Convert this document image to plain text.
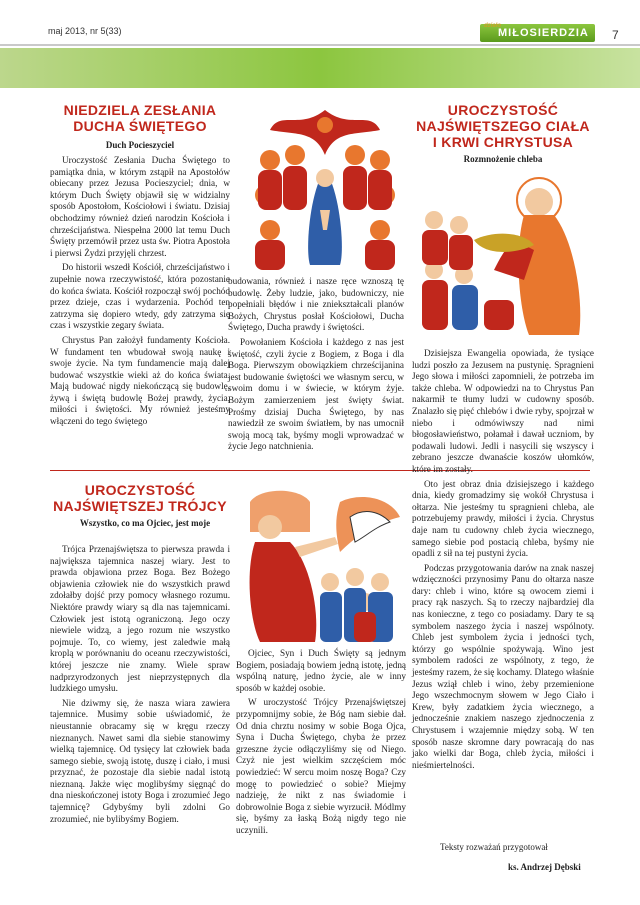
maj 2013, nr 5(33)	dzieło
MIŁOSIERDZIA	7
NIEDZIELA ZESŁANIA
DUCHA ŚWIĘTEGO
Duch Pocieszyciel

Uroczystość Zesłania Ducha Świętego to pamiątka dnia, w którym zstąpił na Apostołów obiecany przez Jezusa Pocieszyciel; dnia, w którym Duch Święty objawił się w widzialny sposób Apostołom, Kościołowi i światu. Dzisiaj obchodzimy również dzień narodzin Kościoła i chrześcijaństwa. Niespełna 2000 lat temu Duch Święty przemówił przez usta św. Piotra Apostoła i pierwsi Żydzi przyjęli chrzest.

Do historii wszedł Kościół, chrześcijaństwo i zupełnie nowa rzeczywistość, która pozostanie do końca świata. Kościół rozpoczął swój pochód przez dzieje, czas i wydarzenia. Pochód ten zatrzyma się dopiero wtedy, gdy zatrzyma się czas i wszystkie zegary świata.

Chrystus Pan założył fundamenty Kościoła. W fundament ten wbudował swoją naukę i swoje życie. Na tym fundamencie mają dalej budować wszystkie wieki aż do końca świata. Mają budować nigdy niekończącą się budowlę, żywą i świętą budowlę Bożej prawdy, życia, miłości i świętości. My również jesteśmy włączeni do tego świętego

budowania, również i nasze ręce wznoszą tę budowlę. Żeby ludzie, jako, budowniczy, nie popełniali błędów i nie zniekształcali planów Bożych, Chrystus posłał Kościołowi, Ducha Świętego, Ducha prawdy i świętości.

Powołaniem Kościoła i każdego z nas jest świętość, czyli życie z Bogiem, z Boga i dla Boga. Pierwszym obowiązkiem chrześcijanina jest budowanie świętości we własnym sercu, w swoim domu i w świecie, w którym żyje. Bożym zamierzeniem jest święty świat. Prośmy dzisiaj Ducha Świętego, by nas nawiedził ze swoim światłem, by nas umocnił swoją mocą tak, byśmy mogli wprowadzać w życie Jego natchnienia.

UROCZYSTOŚĆ
NAJŚWIĘTSZEJ TRÓJCY
Wszystko, co ma Ojciec, jest moje

Trójca Przenajświętsza to pierwsza prawda i największa tajemnica naszej wiary. Jest to prawda objawiona przez Boga. Bez Bożego objawienia człowiek nie do wszystkich prawd zdołałby dojść przy pomocy własnego rozumu. Niektóre prawdy wiary są dla nas tajemnicami. Człowiek jest istotą ograniczoną. Jego oczy niewiele widzą, a jego rozum nie wszystko pojmuje. To, co wiemy, jest zaledwie małą kroplą w porównaniu do oceanu rzeczywistości, której jeszcze nie znamy. Wiele spraw nadprzyrodzonych jest nieprzystępnych dla ludzkiego umysłu.

Nie dziwmy się, że nasza wiara zawiera tajemnice. Musimy sobie uświadomić, że nieustannie obracamy się w kręgu rzeczy nieznanych. Nawet sami dla siebie stanowimy wielką tajemnicę. Od tysięcy lat człowiek bada samego siebie, swoją istotę, duszę i ciało, i musi przyznać, że pozostaje dla siebie nadal istotą nieznaną. Jakże więc moglibyśmy sięgnąć do dna nieskończonej istoty Boga i zrozumieć Jego tajemnicę? Gdybyśmy byli zdolni Go zrozumieć, nie bylibyśmy Bogiem.

Ojciec, Syn i Duch Święty są jednym Bogiem, posiadają bowiem jedną istotę, jedną wspólną naturę, jedno życie, ale w inny sposób w każdej osobie.

W uroczystość Trójcy Przenajświętszej przypomnijmy sobie, że Bóg nam siebie dał. Od dnia chrztu nosimy w sobie Boga Ojca, Syna i Ducha Świętego, chyba że przez grzeszne życie odłączyliśmy się od Niego. Czyż nie jest wielkim szczęściem móc powiedzieć: W sercu moim noszę Boga? Czy mogę to powiedzieć o sobie? Miejmy nadzieję, że nikt z nas świadomie i dobrowolnie Boga z siebie wyrzucił. Módlmy się, byśmy za łaską Bożą nigdy tego nie uczynili.

UROCZYSTOŚĆ
NAJŚWIĘTSZEGO CIAŁA
I KRWI CHRYSTUSA
Rozmnożenie chleba

Dzisiejsza Ewangelia opowiada, że tysiące ludzi poszło za Jezusem na pustynię. Spragnieni Jego słowa i miłości zapomnieli, że potrzeba im także chleba. W odpowiedzi na to Chrystus Pan nakarmił te tłumy ludzi w cudowny sposób. Znalazło się pięć chlebów i dwie ryby, spojrzał w niebo i odmówiwszy nad nimi błogosławieństwo, połamał i dawał uczniom, by podawali ludowi. Jedli i nasycili się wszyscy i zebrano jeszcze dwanaście koszów ułomków, które im zostały.

Oto jest obraz dnia dzisiejszego i każdego dnia, kiedy gromadzimy się wokół Chrystusa i ołtarza. Nie jesteśmy tu spragnieni chleba, ale potrzebujemy prawdy, miłości i życia. Chrystus daje nam tu cudowny chleb życia wiecznego, samego siebie pod postacią chleba, byśmy nie opadli z sił na tej pustyni życia.

Podczas przygotowania darów na znak naszej wdzięczności przynosimy Panu do ołtarza nasze dary: chleb i wino, które są owocem ziemi i pracy rąk naszych. Są to rzeczy najbardziej dla nas konieczne, z tego co posiadamy. Dary te są symbolem naszego życia i naszej wspólnoty. Chleb jest symbolem życia i jedności tych, którzy go wspólnie spożywają. Wino jest symbolem radości ze wspólnoty, z tego, że jesteśmy razem, że się kochamy. Dlatego właśnie Jezus wziął chleb i wino, żeby przemienione Jego wszechmocnym słowem w Jego Ciało i Krew, były zadatkiem życia wiecznego, a jednocześnie znakiem naszego zjednoczenia z Chrystusem i wzajemnie między sobą. W ten sposób nasze skromne dary powracają do nas jako wielki dar Boga, chleb życia, miłości i nieśmiertelności.

Teksty rozważań przygotował
ks. Andrzej Dębski
